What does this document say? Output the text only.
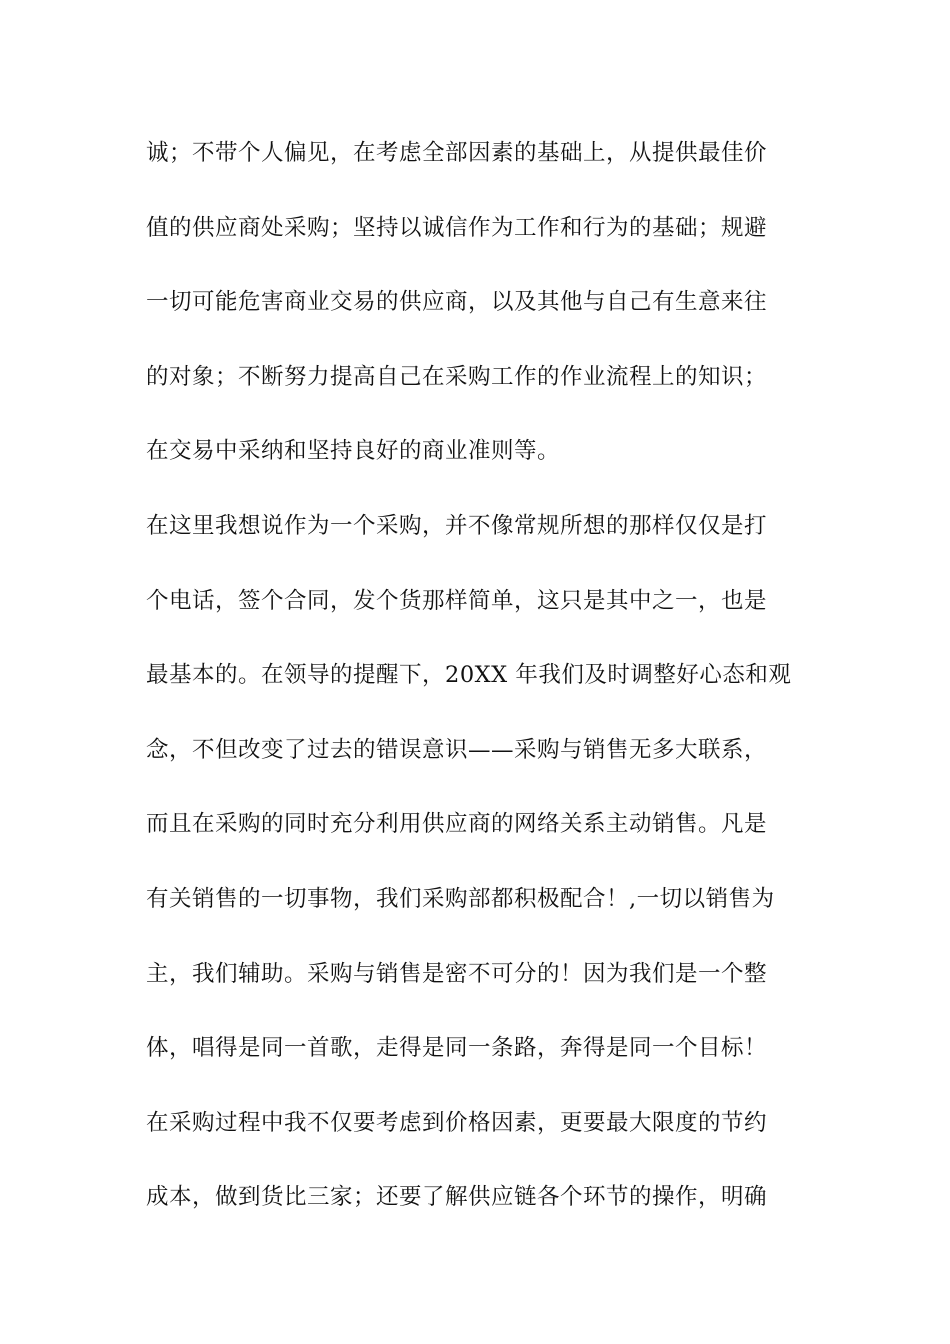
诚；不带个人偏见，在考虑全部因素的基础上，从提供最佳价
值的供应商处采购；坚持以诚信作为工作和行为的基础；规避
一切可能危害商业交易的供应商，以及其他与自己有生意来往
的对象；不断努力提高自己在采购工作的作业流程上的知识；
在交易中采纳和坚持良好的商业准则等。
在这里我想说作为一个采购，并不像常规所想的那样仅仅是打
个电话，签个合同，发个货那样简单，这只是其中之一，也是
最基本的。在领导的提醒下，20XX 年我们及时调整好心态和观
念，不但改变了过去的错误意识——采购与销售无多大联系，
而且在采购的同时充分利用供应商的网络关系主动销售。凡是
有关销售的一切事物，我们采购部都积极配合！,一切以销售为
主，我们辅助。采购与销售是密不可分的！因为我们是一个整
体，唱得是同一首歌，走得是同一条路，奔得是同一个目标！
在采购过程中我不仅要考虑到价格因素，更要最大限度的节约
成本，做到货比三家；还要了解供应链各个环节的操作，明确
